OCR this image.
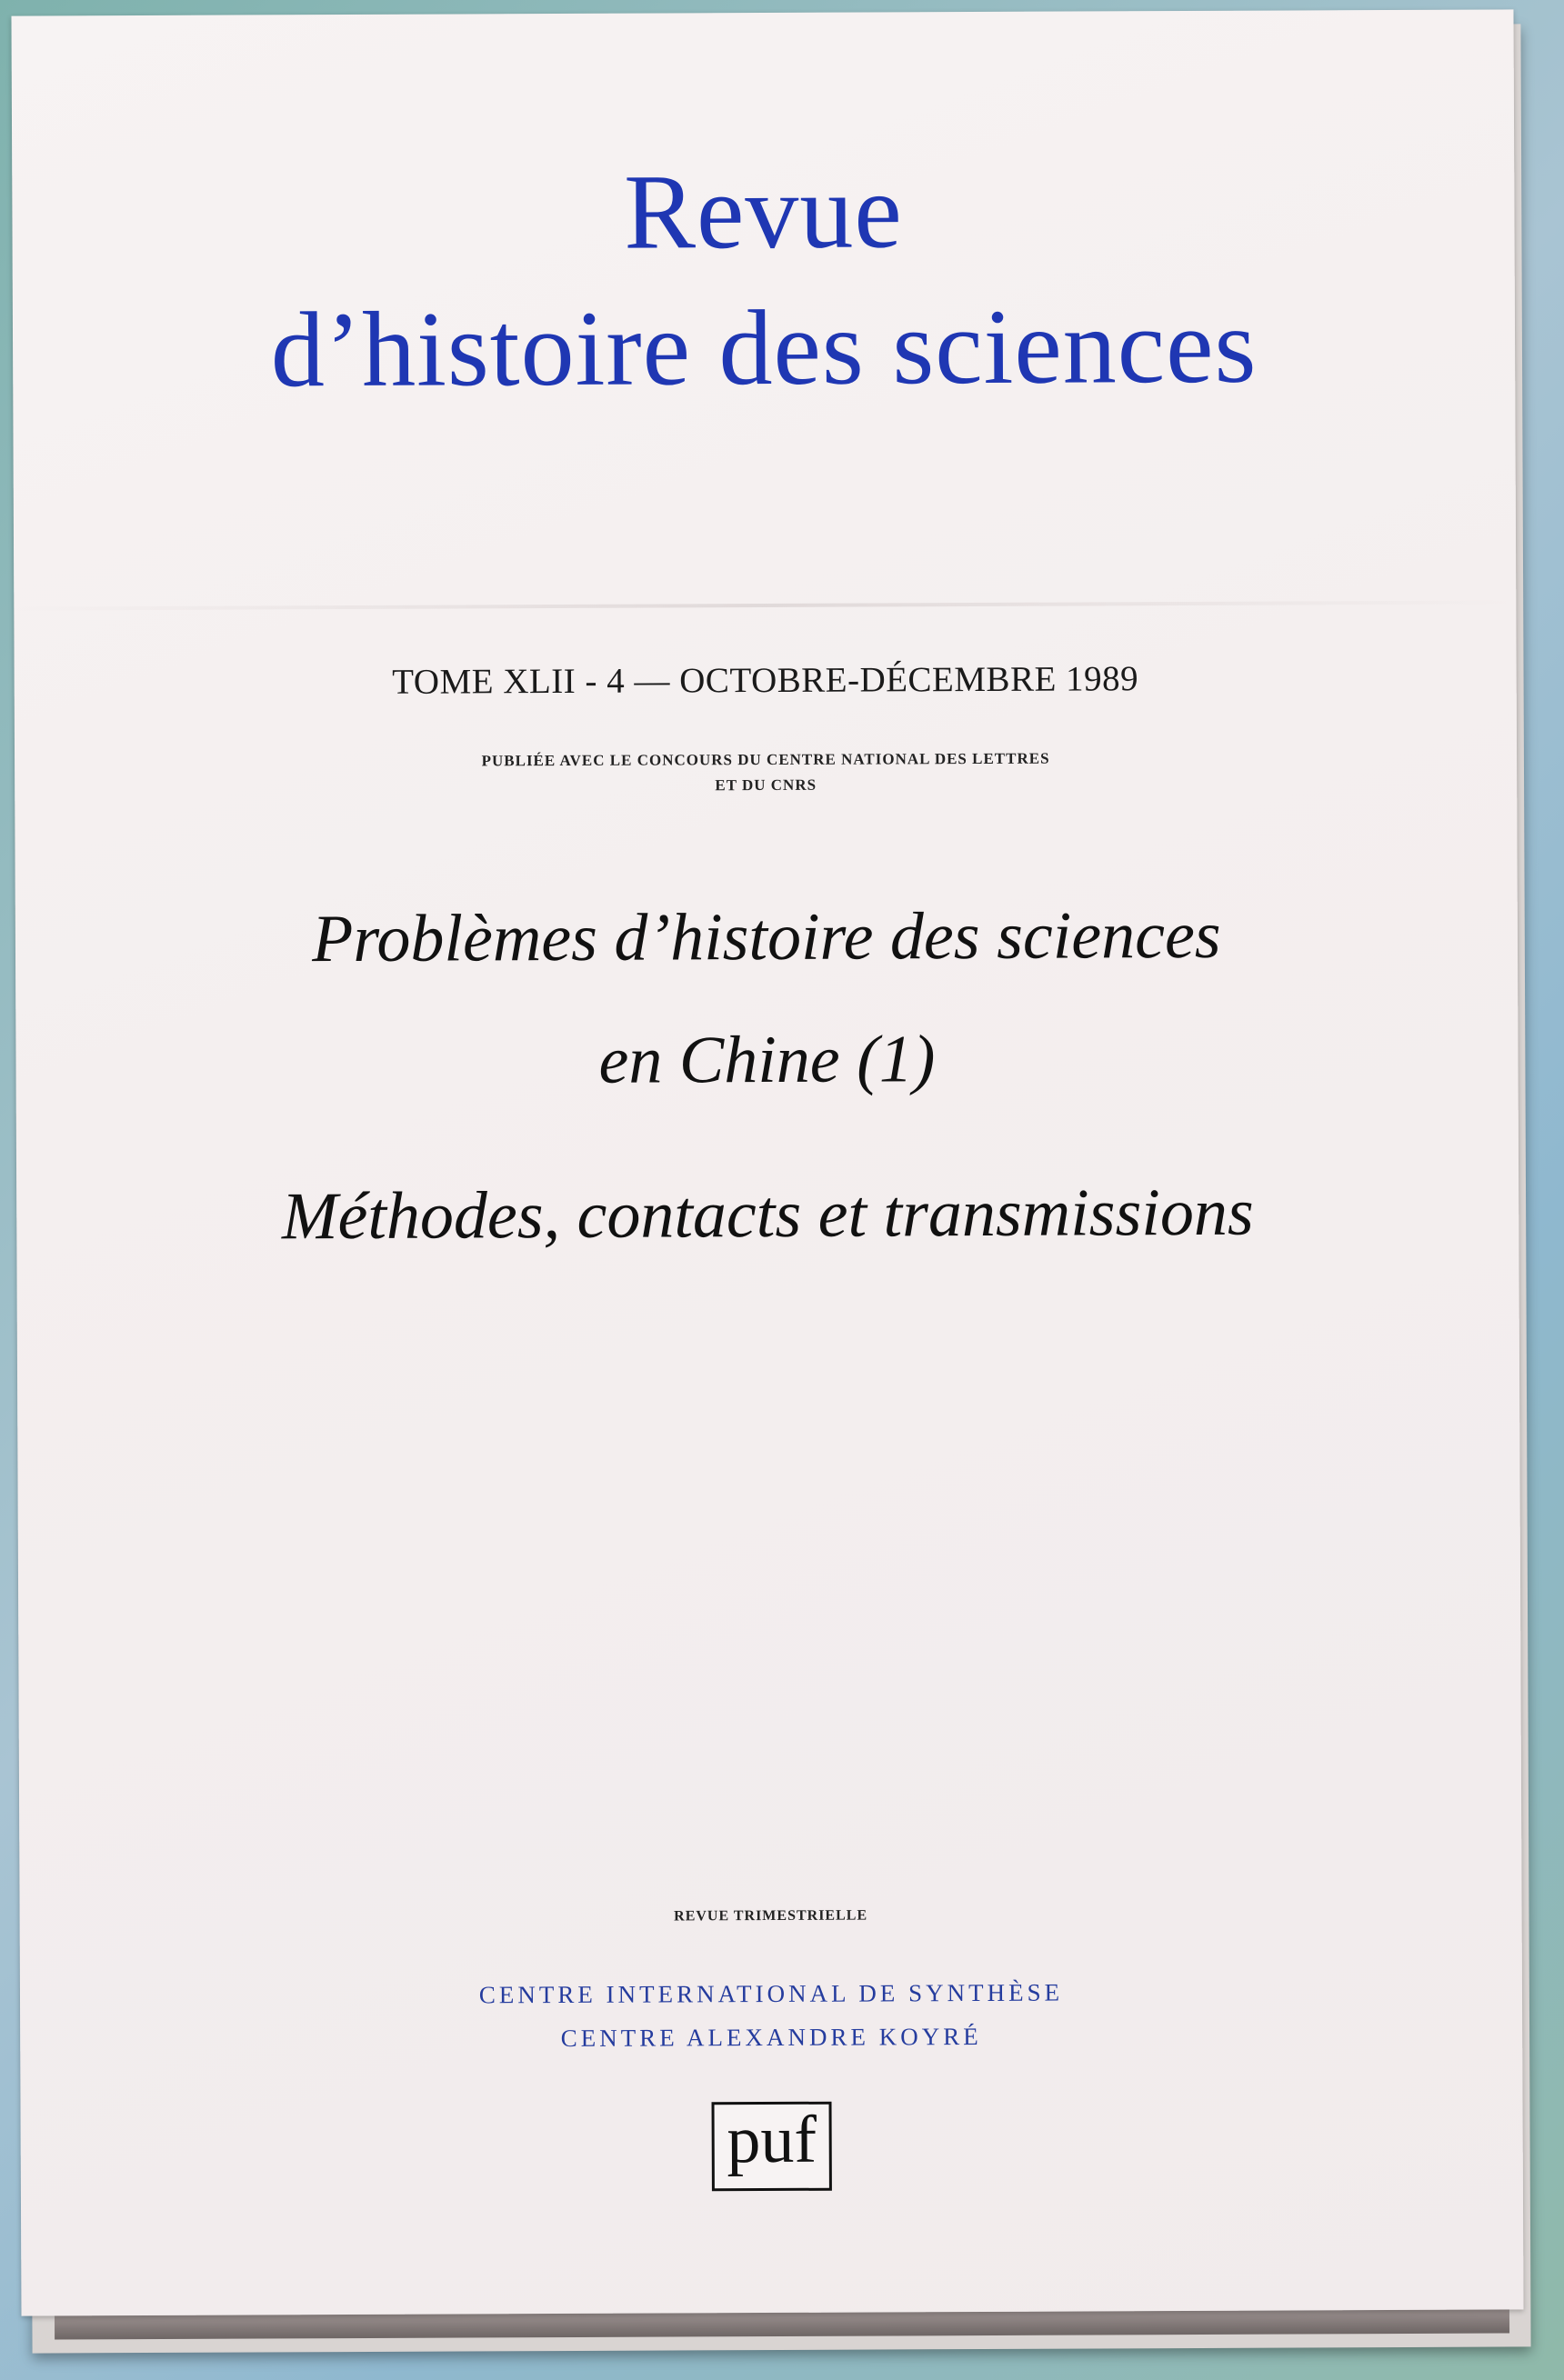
Revue
d’histoire des sciences
TOME XLII - 4 — OCTOBRE-DÉCEMBRE 1989
PUBLIÉE AVEC LE CONCOURS DU CENTRE NATIONAL DES LETTRES
ET DU CNRS
Problèmes d’histoire des sciences
en Chine (1)
Méthodes, contacts et transmissions
REVUE TRIMESTRIELLE
CENTRE INTERNATIONAL DE SYNTHÈSE
CENTRE ALEXANDRE KOYRÉ
puf
